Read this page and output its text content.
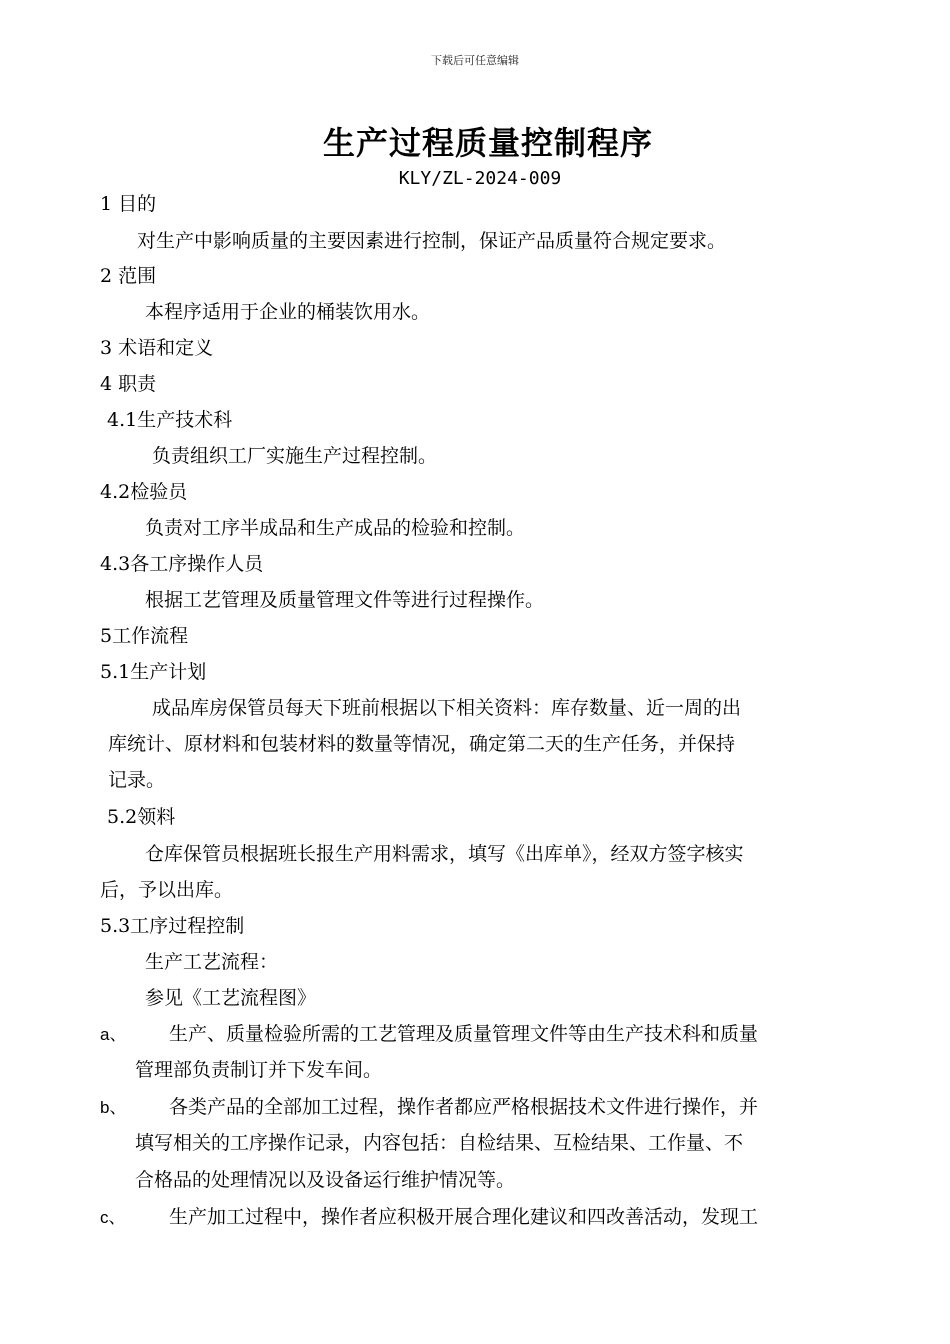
下载后可任意编辑
生产过程质量控制程序
KLY/ZL-2024-009
1 目的
对生产中影响质量的主要因素进行控制，保证产品质量符合规定要求。
2 范围
本程序适用于企业的桶装饮用水。
3 术语和定义
4 职责
4.1生产技术科
负责组织工厂实施生产过程控制。
4.2检验员
负责对工序半成品和生产成品的检验和控制。
4.3各工序操作人员
根据工艺管理及质量管理文件等进行过程操作。
5工作流程
5.1生产计划
成品库房保管员每天下班前根据以下相关资料：库存数量、近一周的出
库统计、原材料和包装材料的数量等情况，确定第二天的生产任务，并保持
记录。
5.2领料
仓库保管员根据班长报生产用料需求，填写《出库单》，经双方签字核实
后，予以出库。
5.3工序过程控制
生产工艺流程：
参见《工艺流程图》
a、 生产、质量检验所需的工艺管理及质量管理文件等由生产技术科和质量
管理部负责制订并下发车间。
b、 各类产品的全部加工过程，操作者都应严格根据技术文件进行操作，并
填写相关的工序操作记录，内容包括：自检结果、互检结果、工作量、不
合格品的处理情况以及设备运行维护情况等。
c、 生产加工过程中，操作者应积极开展合理化建议和四改善活动，发现工
